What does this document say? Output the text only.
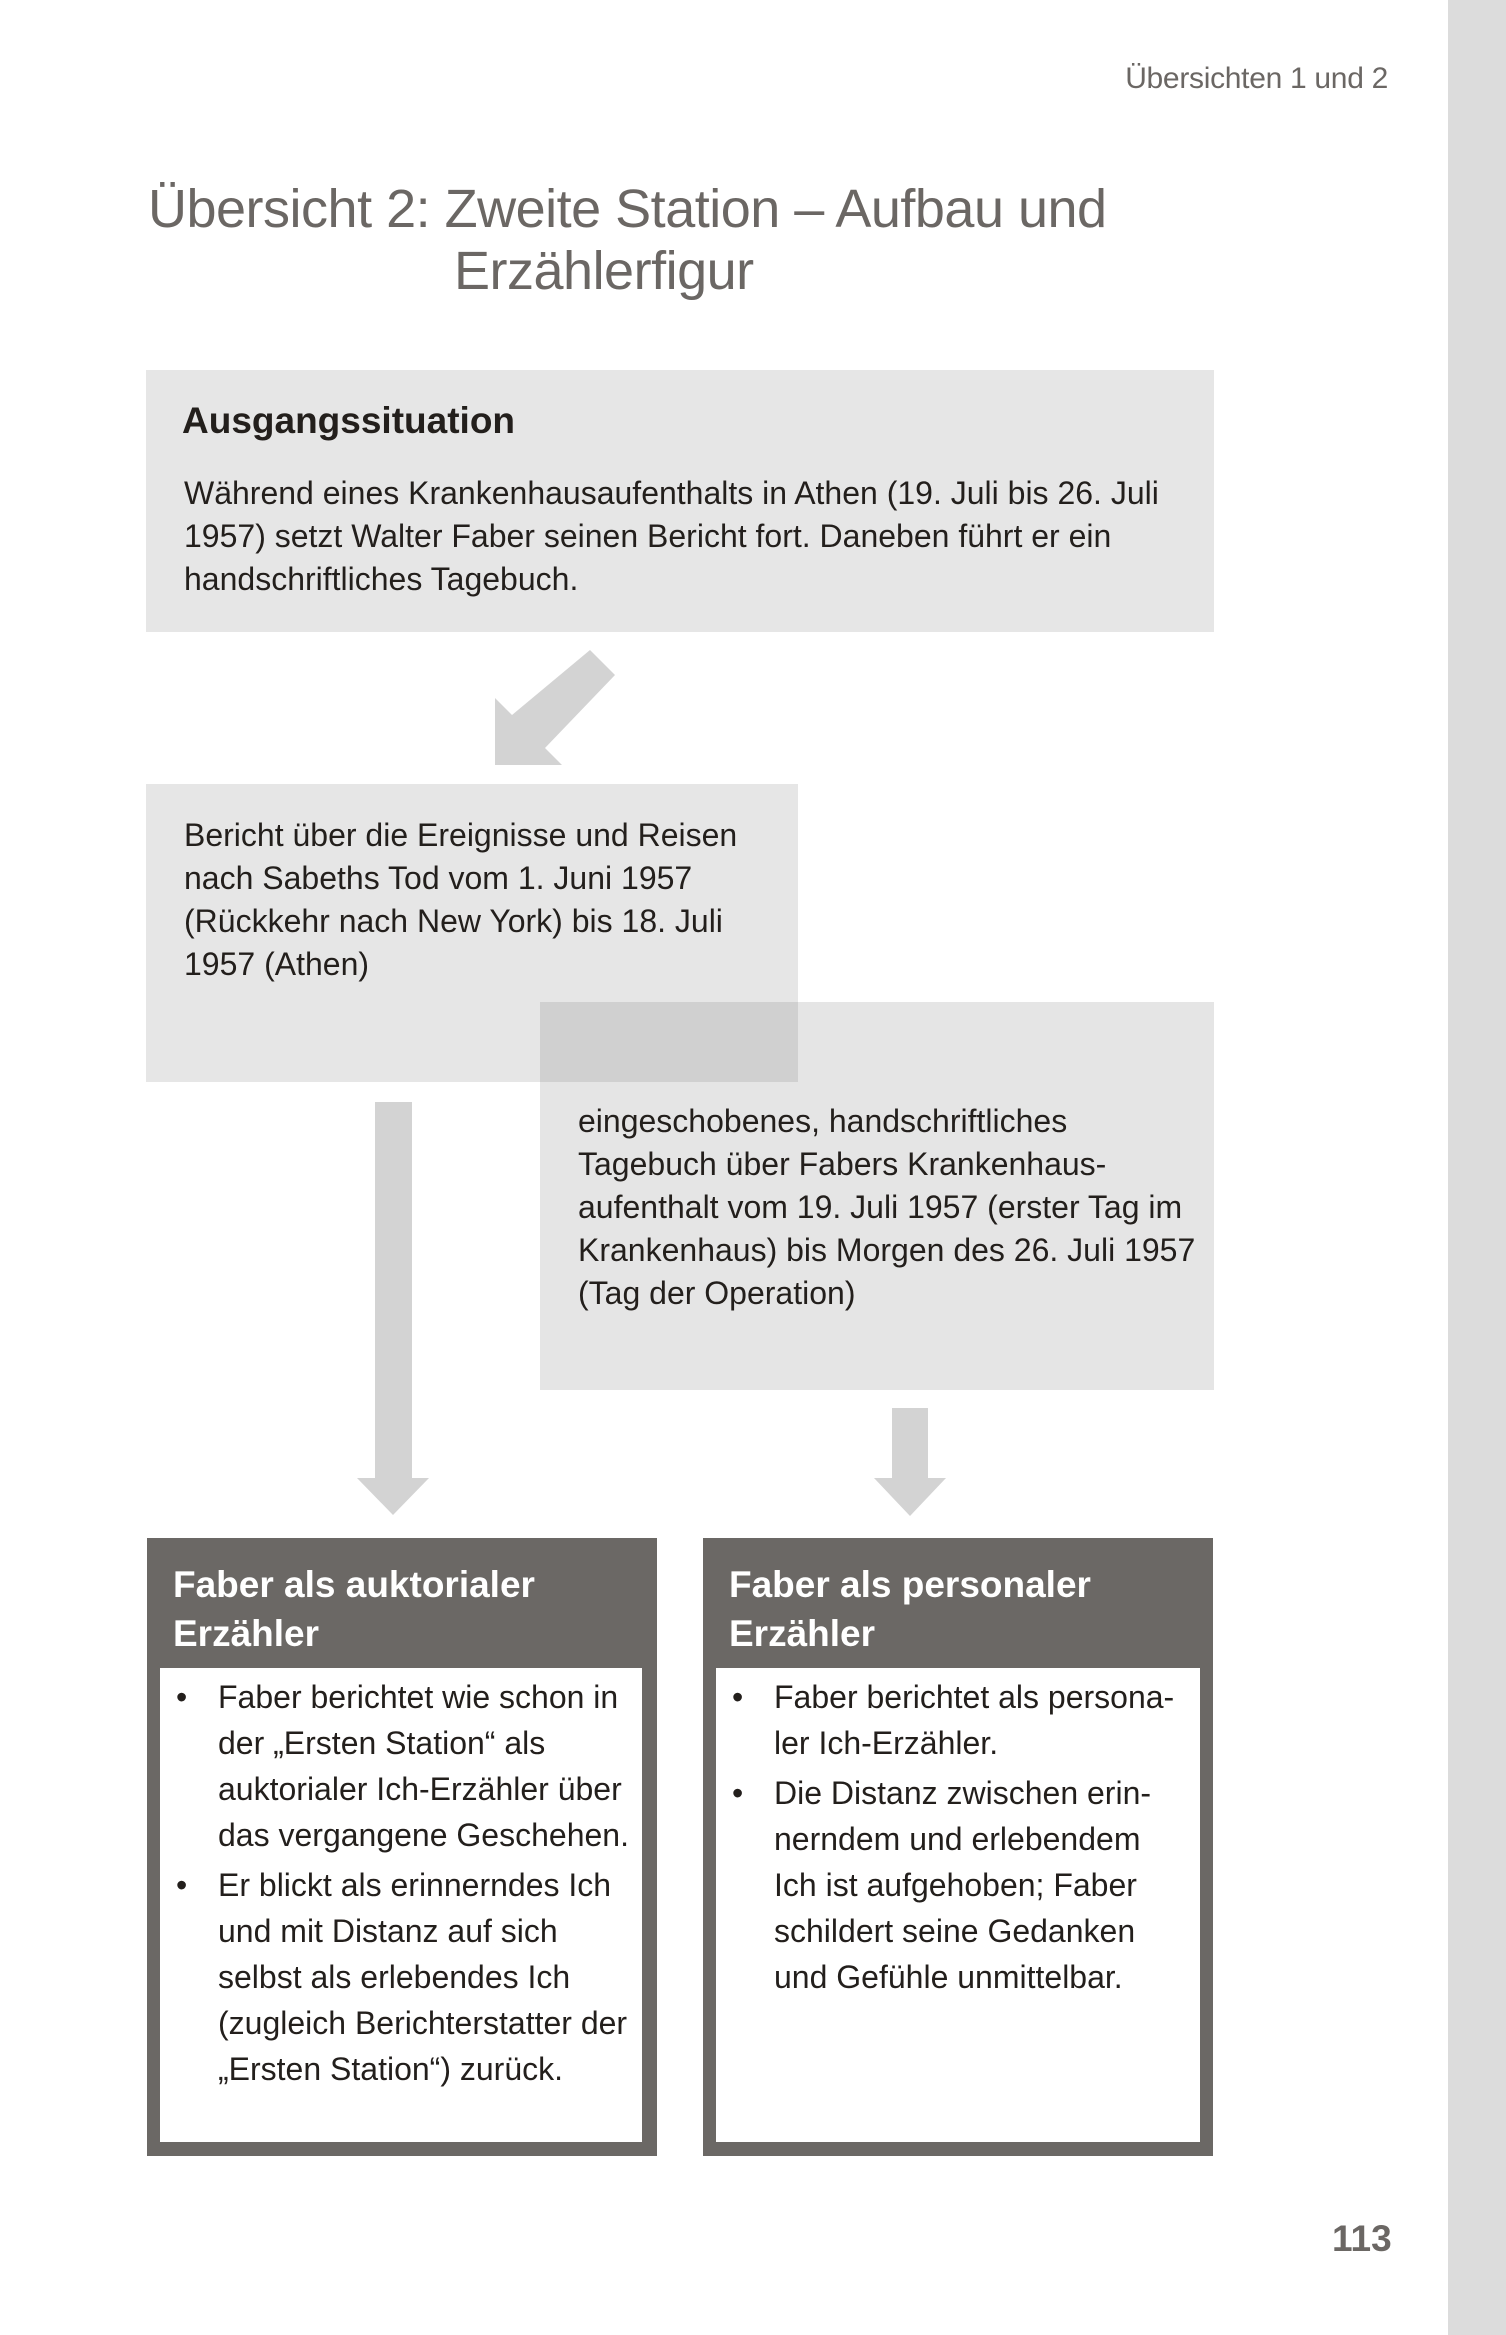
Übersichten 1 und 2
Übersicht 2: Zweite Station – Aufbau und
Erzählerfigur
Ausgangssituation

Während eines Krankenhausaufenthalts in Athen (19. Juli bis 26. Juli 1957) setzt Walter Faber seinen Bericht fort. Daneben führt er ein handschriftliches Tagebuch.

Bericht über die Ereignisse und Reisen nach Sabeths Tod vom 1. Juni 1957 (Rückkehr nach New York) bis 18. Juli 1957 (Athen)

eingeschobenes, handschriftliches Tagebuch über Fabers Krankenhausaufenthalt vom 19. Juli 1957 (erster Tag im Krankenhaus) bis Morgen des 26. Juli 1957 (Tag der Operation)

Faber als auktorialer
Erzähler
• Faber berichtet wie schon in der „Ersten Station“ als auktorialer Ich-Erzähler über das vergangene Geschehen.
• Er blickt als erinnerndes Ich und mit Distanz auf sich selbst als erlebendes Ich (zugleich Berichterstatter der „Ersten Station“) zurück.
Faber als personaler
Erzähler
• Faber berichtet als personaler Ich-Erzähler.
• Die Distanz zwischen erinnerndem und erlebendem Ich ist aufgehoben; Faber schildert seine Gedanken und Gefühle unmittelbar.
113
